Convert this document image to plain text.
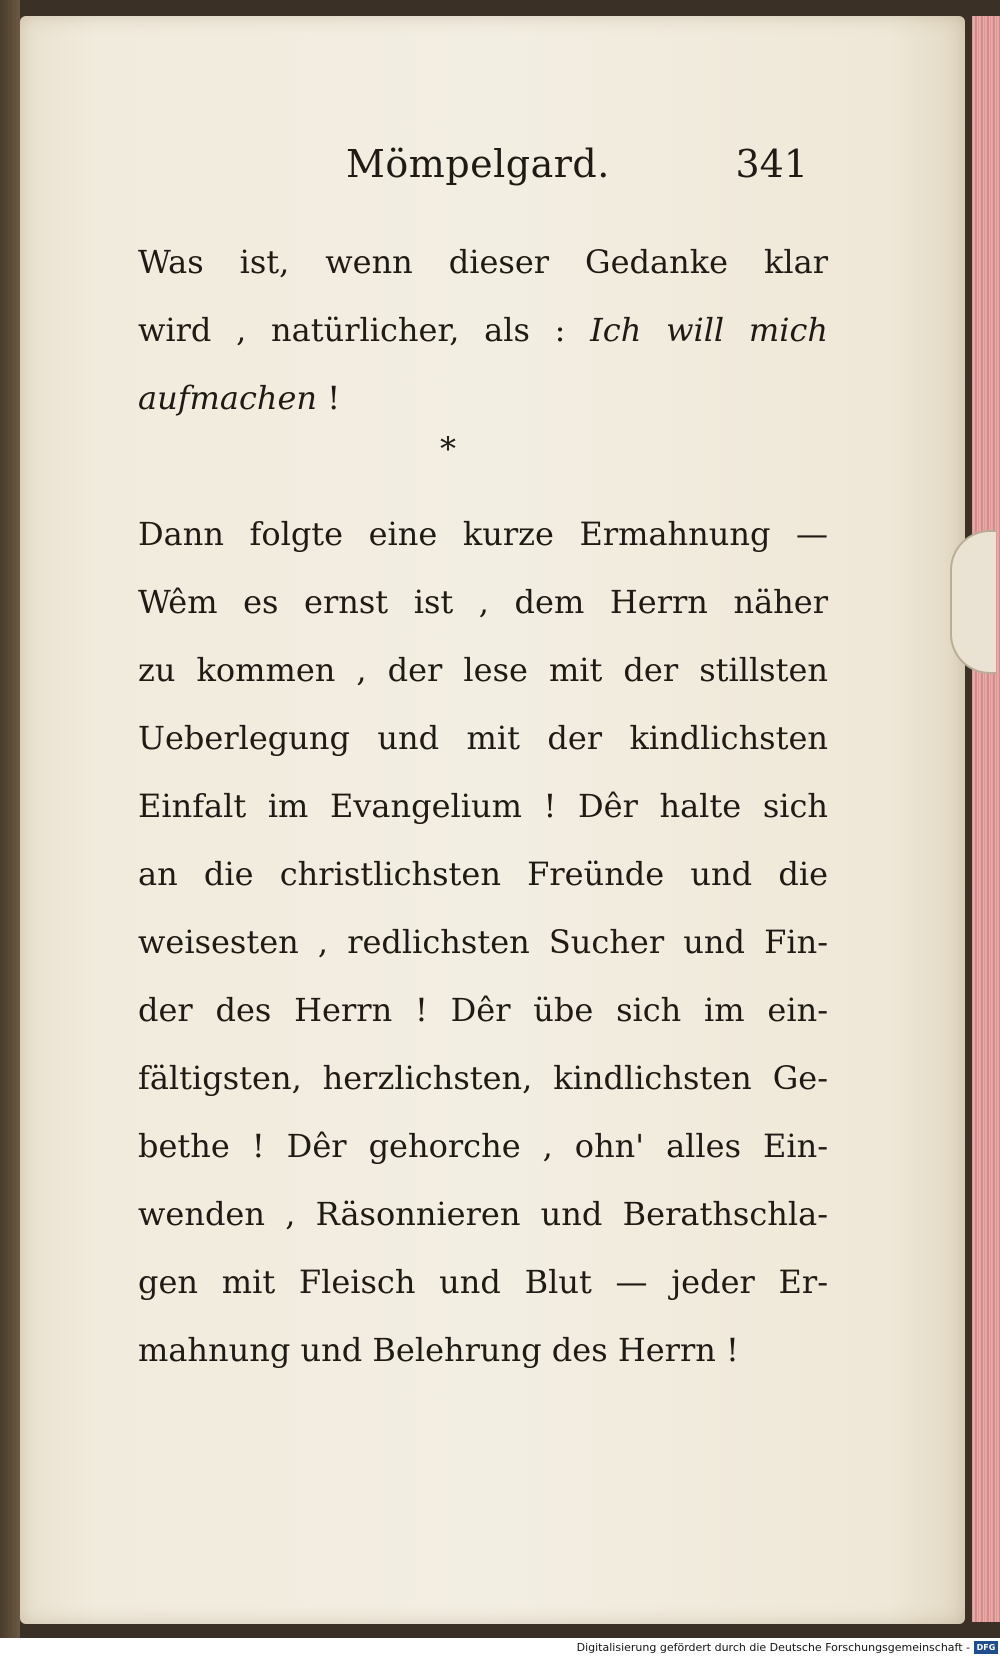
Mömpelgard.	341
Was ist, wenn dieser Gedanke klar
wird , natürlicher, als : Ich will mich
aufmachen !
Dann folgte eine kurze Ermahnung —
Wêm es ernst ist , dem Herrn näher
zu kommen , der lese mit der stillsten
Ueberlegung und mit der kindlichsten
Einfalt im Evangelium ! Dêr halte sich
an die christlichsten Freünde und die
weisesten , redlichsten Sucher und Fin-
der des Herrn ! Dêr übe sich im ein-
fältigsten, herzlichsten, kindlichsten Ge-
bethe ! Dêr gehorche , ohn' alles Ein-
wenden , Räsonnieren und Berathschla-
gen mit Fleisch und Blut — jeder Er-
mahnung und Belehrung des Herrn !
*
Digitalisierung gefördert durch die Deutsche Forschungsgemeinschaft - DFG
